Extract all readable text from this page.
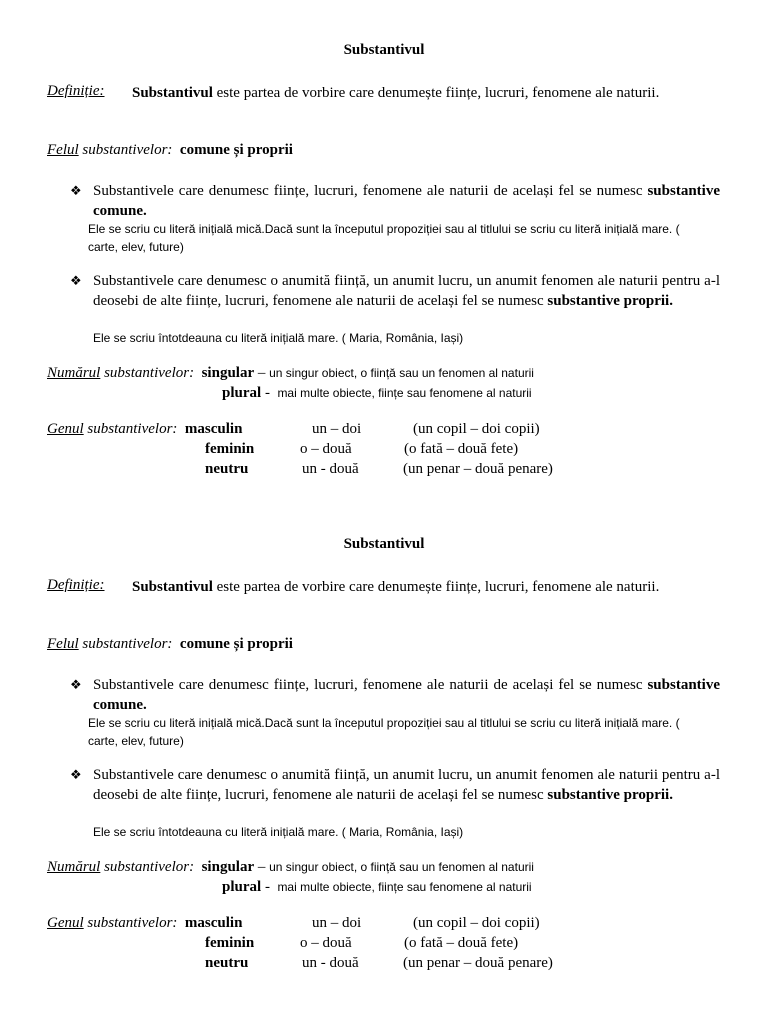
Substantivul
Definiție: Substantivul este partea de vorbire care denumește ființe, lucruri, fenomene ale naturii.
Felul substantivelor: comune și proprii
❖ Substantivele care denumesc ființe, lucruri, fenomene ale naturii de același fel se numesc substantive comune.
Ele se scriu cu literă inițială mică.Dacă sunt la începutul propoziției sau al titlului se scriu cu literă inițială mare. ( carte, elev, future)
❖ Substantivele care denumesc o anumită ființă, un anumit lucru, un anumit fenomen ale naturii pentru a-l deosebi de alte ființe, lucruri, fenomene ale naturii de același fel se numesc substantive proprii.
Ele se scriu întotdeauna cu literă inițială mare. ( Maria, România, Iași)
Numărul substantivelor: singular – un singur obiect, o ființă sau un fenomen al naturii
plural -  mai multe obiecte, ființe sau fenomene al naturii
Genul substantivelor: masculin	un – doi	(un copil – doi copii)
feminin	o – două	(o fată – două fete)
neutru	un - două	(un penar – două penare)
Substantivul
Definiție: Substantivul este partea de vorbire care denumește ființe, lucruri, fenomene ale naturii.
Felul substantivelor: comune și proprii
❖ Substantivele care denumesc ființe, lucruri, fenomene ale naturii de același fel se numesc substantive comune.
Ele se scriu cu literă inițială mică.Dacă sunt la începutul propoziției sau al titlului se scriu cu literă inițială mare. ( carte, elev, future)
❖ Substantivele care denumesc o anumită ființă, un anumit lucru, un anumit fenomen ale naturii pentru a-l deosebi de alte ființe, lucruri, fenomene ale naturii de același fel se numesc substantive proprii.
Ele se scriu întotdeauna cu literă inițială mare. ( Maria, România, Iași)
Numărul substantivelor: singular – un singur obiect, o ființă sau un fenomen al naturii
plural -  mai multe obiecte, ființe sau fenomene al naturii
Genul substantivelor: masculin	un – doi	(un copil – doi copii)
feminin	o – două	(o fată – două fete)
neutru	un - două	(un penar – două penare)
